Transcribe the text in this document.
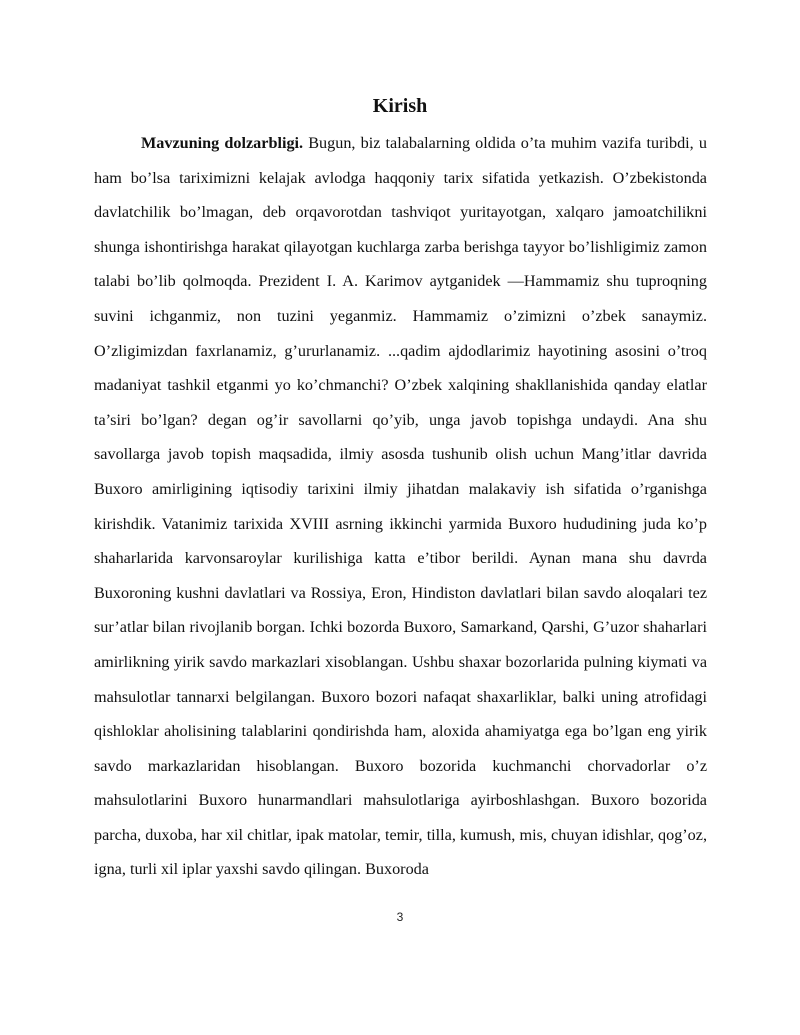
Kirish

Mavzuning dolzarbligi. Bugun, biz talabalarning oldida o’ta muhim vazifa turibdi, u ham bo’lsa tariximizni kelajak avlodga haqqoniy tarix sifatida yetkazish. O’zbekistonda davlatchilik bo’lmagan, deb orqavorotdan tashviqot yuritayotgan, xalqaro jamoatchilikni shunga ishontirishga harakat qilayotgan kuchlarga zarba berishga tayyor bo’lishligimiz zamon talabi bo’lib qolmoqda. Prezident I. A. Karimov aytganidek —Hammamiz shu tuproqning suvini ichganmiz, non tuzini yeganmiz. Hammamiz o’zimizni o’zbek sanaymiz. O’zligimizdan faxrlanamiz, g’ururlanamiz. ...qadim ajdodlarimiz hayotining asosini o’troq madaniyat tashkil etganmi yo ko’chmanchi? O’zbek xalqining shakllanishida qanday elatlar ta’siri bo’lgan? degan og’ir savollarni qo’yib, unga javob topishga undaydi. Ana shu savollarga javob topish maqsadida, ilmiy asosda tushunib olish uchun Mang’itlar davrida Buxoro amirligining iqtisodiy tarixini ilmiy jihatdan malakaviy ish sifatida o’rganishga kirishdik. Vatanimiz tarixida XVIII asrning ikkinchi yarmida Buxoro hududining juda ko’p shaharlarida karvonsaroylar kurilishiga katta e’tibor berildi. Aynan mana shu davrda Buxoroning kushni davlatlari va Rossiya, Eron, Hindiston davlatlari bilan savdo aloqalari tez sur’atlar bilan rivojlanib borgan. Ichki bozorda Buxoro, Samarkand, Qarshi, G’uzor shaharlari amirlikning yirik savdo markazlari xisoblangan. Ushbu shaxar bozorlarida pulning kiymati va mahsulotlar tannarxi belgilangan. Buxoro bozori nafaqat shaxarliklar, balki uning atrofidagi qishloklar aholisining talablarini qondirishda ham, aloxida ahamiyatga ega bo’lgan eng yirik savdo markazlaridan hisoblangan. Buxoro bozorida kuchmanchi chorvadorlar o’z mahsulotlarini Buxoro hunarmandlari mahsulotlariga ayirboshlashgan. Buxoro bozorida parcha, duxoba, har xil chitlar, ipak matolar, temir, tilla, kumush, mis, chuyan idishlar, qog’oz, igna, turli xil iplar yaxshi savdo qilingan. Buxoroda

3
